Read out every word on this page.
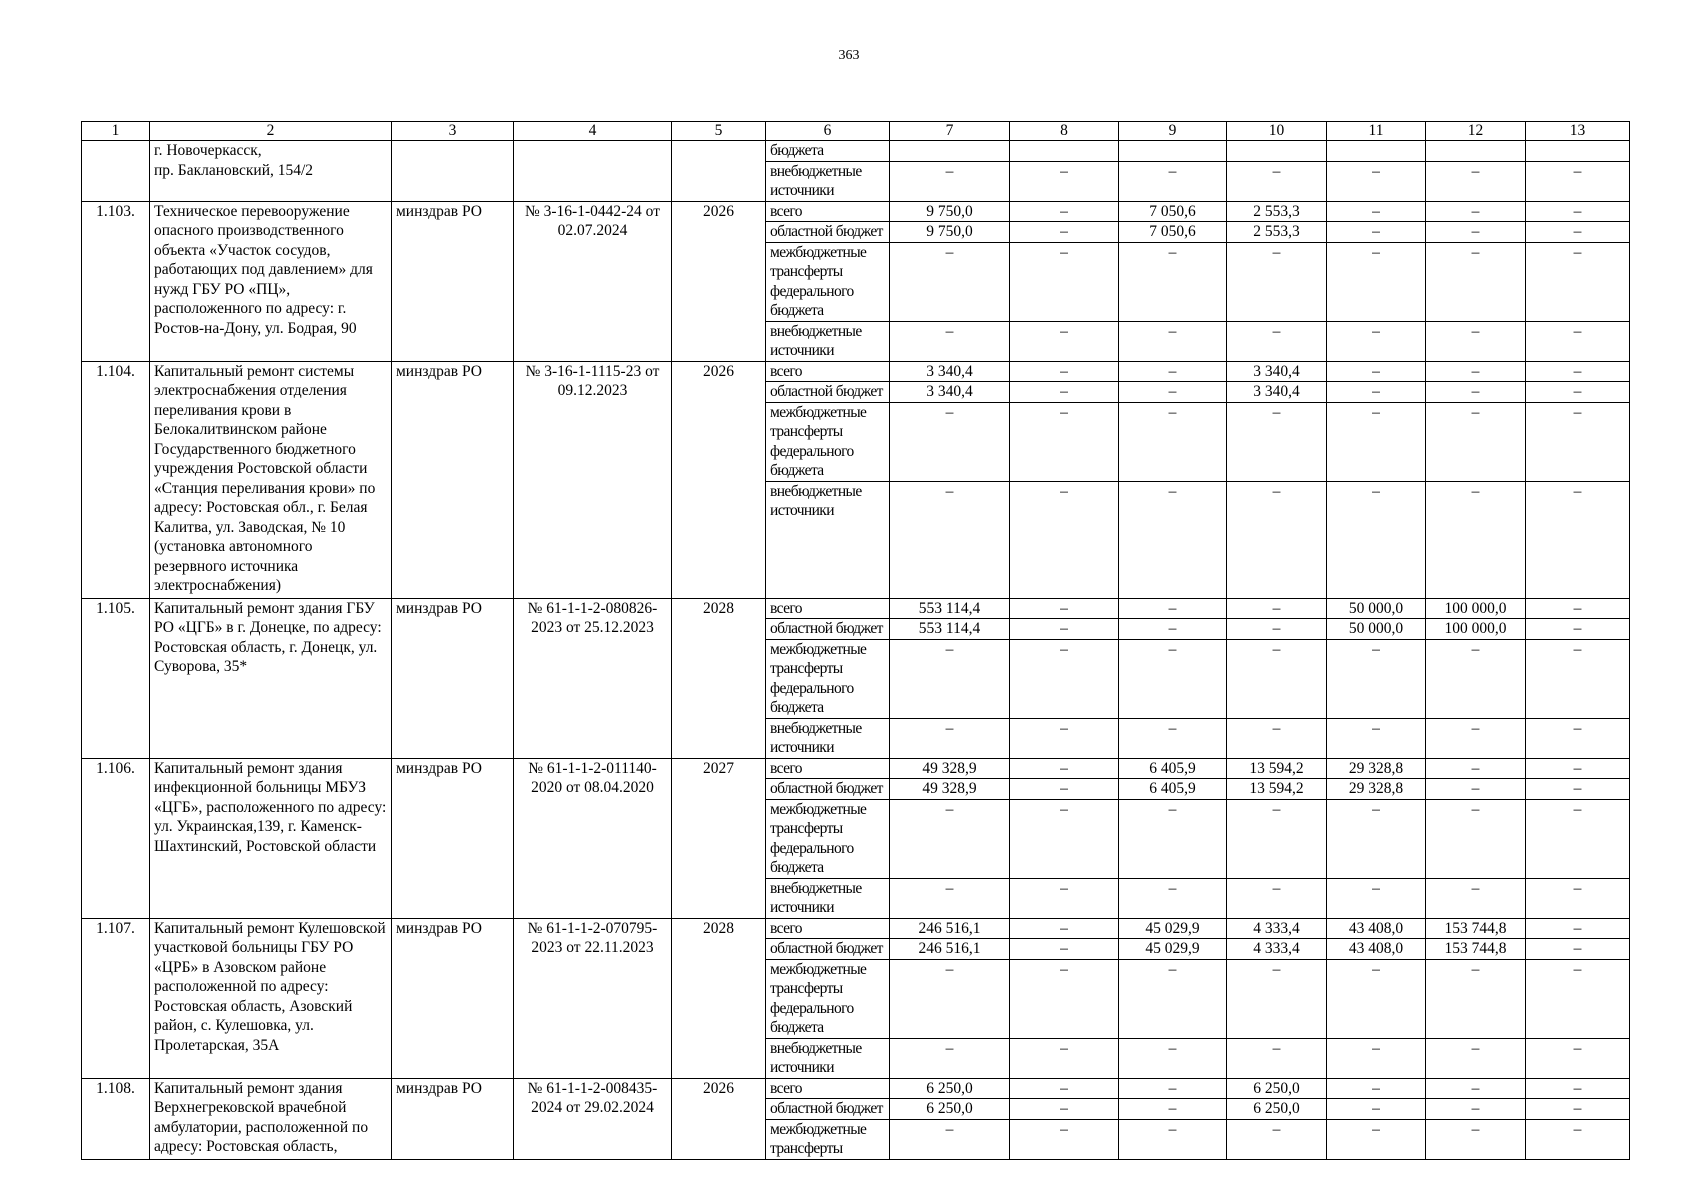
363
1	2	3	4	5	6	7	8	9	10	11	12	13
	г. Новочеркасск,
пр. Баклановский, 154/2				бюджета							
					внебюджетные источники	–	–	–	–	–	–	–
1.103.	Техническое перевооружение опасного производственного объекта «Участок сосудов, работающих под давлением» для нужд ГБУ РО «ПЦ», расположенного по адресу: г. Ростов-на-Дону, ул. Бодрая, 90	минздрав РО	№ 3-16-1-0442-24 от 02.07.2024	2026	всего	9 750,0	–	7 050,6	2 553,3	–	–	–
					областной бюджет	9 750,0	–	7 050,6	2 553,3	–	–	–
					межбюджетные трансферты федерального бюджета	–	–	–	–	–	–	–
					внебюджетные источники	–	–	–	–	–	–	–
1.104.	Капитальный ремонт системы электроснабжения отделения переливания крови в Белокалитвинском районе Государственного бюджетного учреждения Ростовской области «Станция переливания крови» по адресу: Ростовская обл., г. Белая Калитва, ул. Заводская, № 10 (установка автономного резервного источника электроснабжения)	минздрав РО	№ 3-16-1-1115-23 от 09.12.2023	2026	всего	3 340,4	–	–	3 340,4	–	–	–
					областной бюджет	3 340,4	–	–	3 340,4	–	–	–
					межбюджетные трансферты федерального бюджета	–	–	–	–	–	–	–
					внебюджетные источники	–	–	–	–	–	–	–
1.105.	Капитальный ремонт здания ГБУ РО «ЦГБ» в г. Донецке, по адресу: Ростовская область, г. Донецк, ул. Суворова, 35*	минздрав РО	№ 61-1-1-2-080826-2023 от 25.12.2023	2028	всего	553 114,4	–	–	–	50 000,0	100 000,0	–
					областной бюджет	553 114,4	–	–	–	50 000,0	100 000,0	–
					межбюджетные трансферты федерального бюджета	–	–	–	–	–	–	–
					внебюджетные источники	–	–	–	–	–	–	–
1.106.	Капитальный ремонт здания инфекционной больницы МБУЗ «ЦГБ», расположенного по адресу: ул. Украинская,139, г. Каменск-Шахтинский, Ростовской области	минздрав РО	№ 61-1-1-2-011140-2020 от 08.04.2020	2027	всего	49 328,9	–	6 405,9	13 594,2	29 328,8	–	–
					областной бюджет	49 328,9	–	6 405,9	13 594,2	29 328,8	–	–
					межбюджетные трансферты федерального бюджета	–	–	–	–	–	–	–
					внебюджетные источники	–	–	–	–	–	–	–
1.107.	Капитальный ремонт Кулешовской участковой больницы ГБУ РО «ЦРБ» в Азовском районе расположенной по адресу: Ростовская область, Азовский район, с. Кулешовка, ул. Пролетарская, 35А	минздрав РО	№ 61-1-1-2-070795-2023 от 22.11.2023	2028	всего	246 516,1	–	45 029,9	4 333,4	43 408,0	153 744,8	–
					областной бюджет	246 516,1	–	45 029,9	4 333,4	43 408,0	153 744,8	–
					межбюджетные трансферты федерального бюджета	–	–	–	–	–	–	–
					внебюджетные источники	–	–	–	–	–	–	–
1.108.	Капитальный ремонт здания Верхнегрековской врачебной амбулатории, расположенной по адресу: Ростовская область,	минздрав РО	№ 61-1-1-2-008435-2024 от 29.02.2024	2026	всего	6 250,0	–	–	6 250,0	–	–	–
					областной бюджет	6 250,0	–	–	6 250,0	–	–	–
					межбюджетные трансферты	–	–	–	–	–	–	–
